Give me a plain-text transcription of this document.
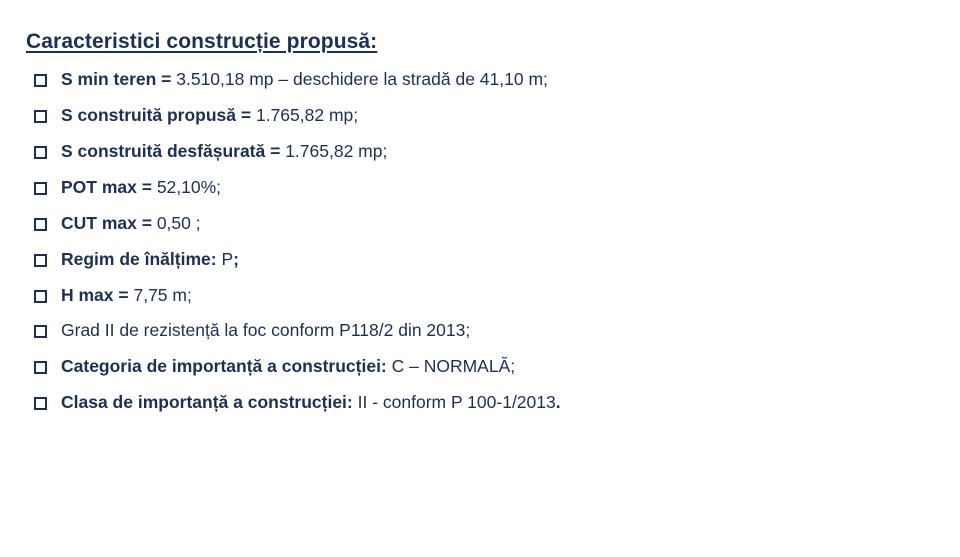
Caracteristici construcție propusă:
S min teren = 3.510,18 mp – deschidere la stradă de 41,10 m;
S construită propusă = 1.765,82 mp;
S construită desfășurată = 1.765,82 mp;
POT max = 52,10%;
CUT max = 0,50 ;
Regim de înălțime: P;
H max = 7,75 m;
Grad II de rezistență la foc conform P118/2 din 2013;
Categoria de importanță a construcției: C – NORMALĂ;
Clasa de importanță a construcției: II - conform P 100-1/2013.
